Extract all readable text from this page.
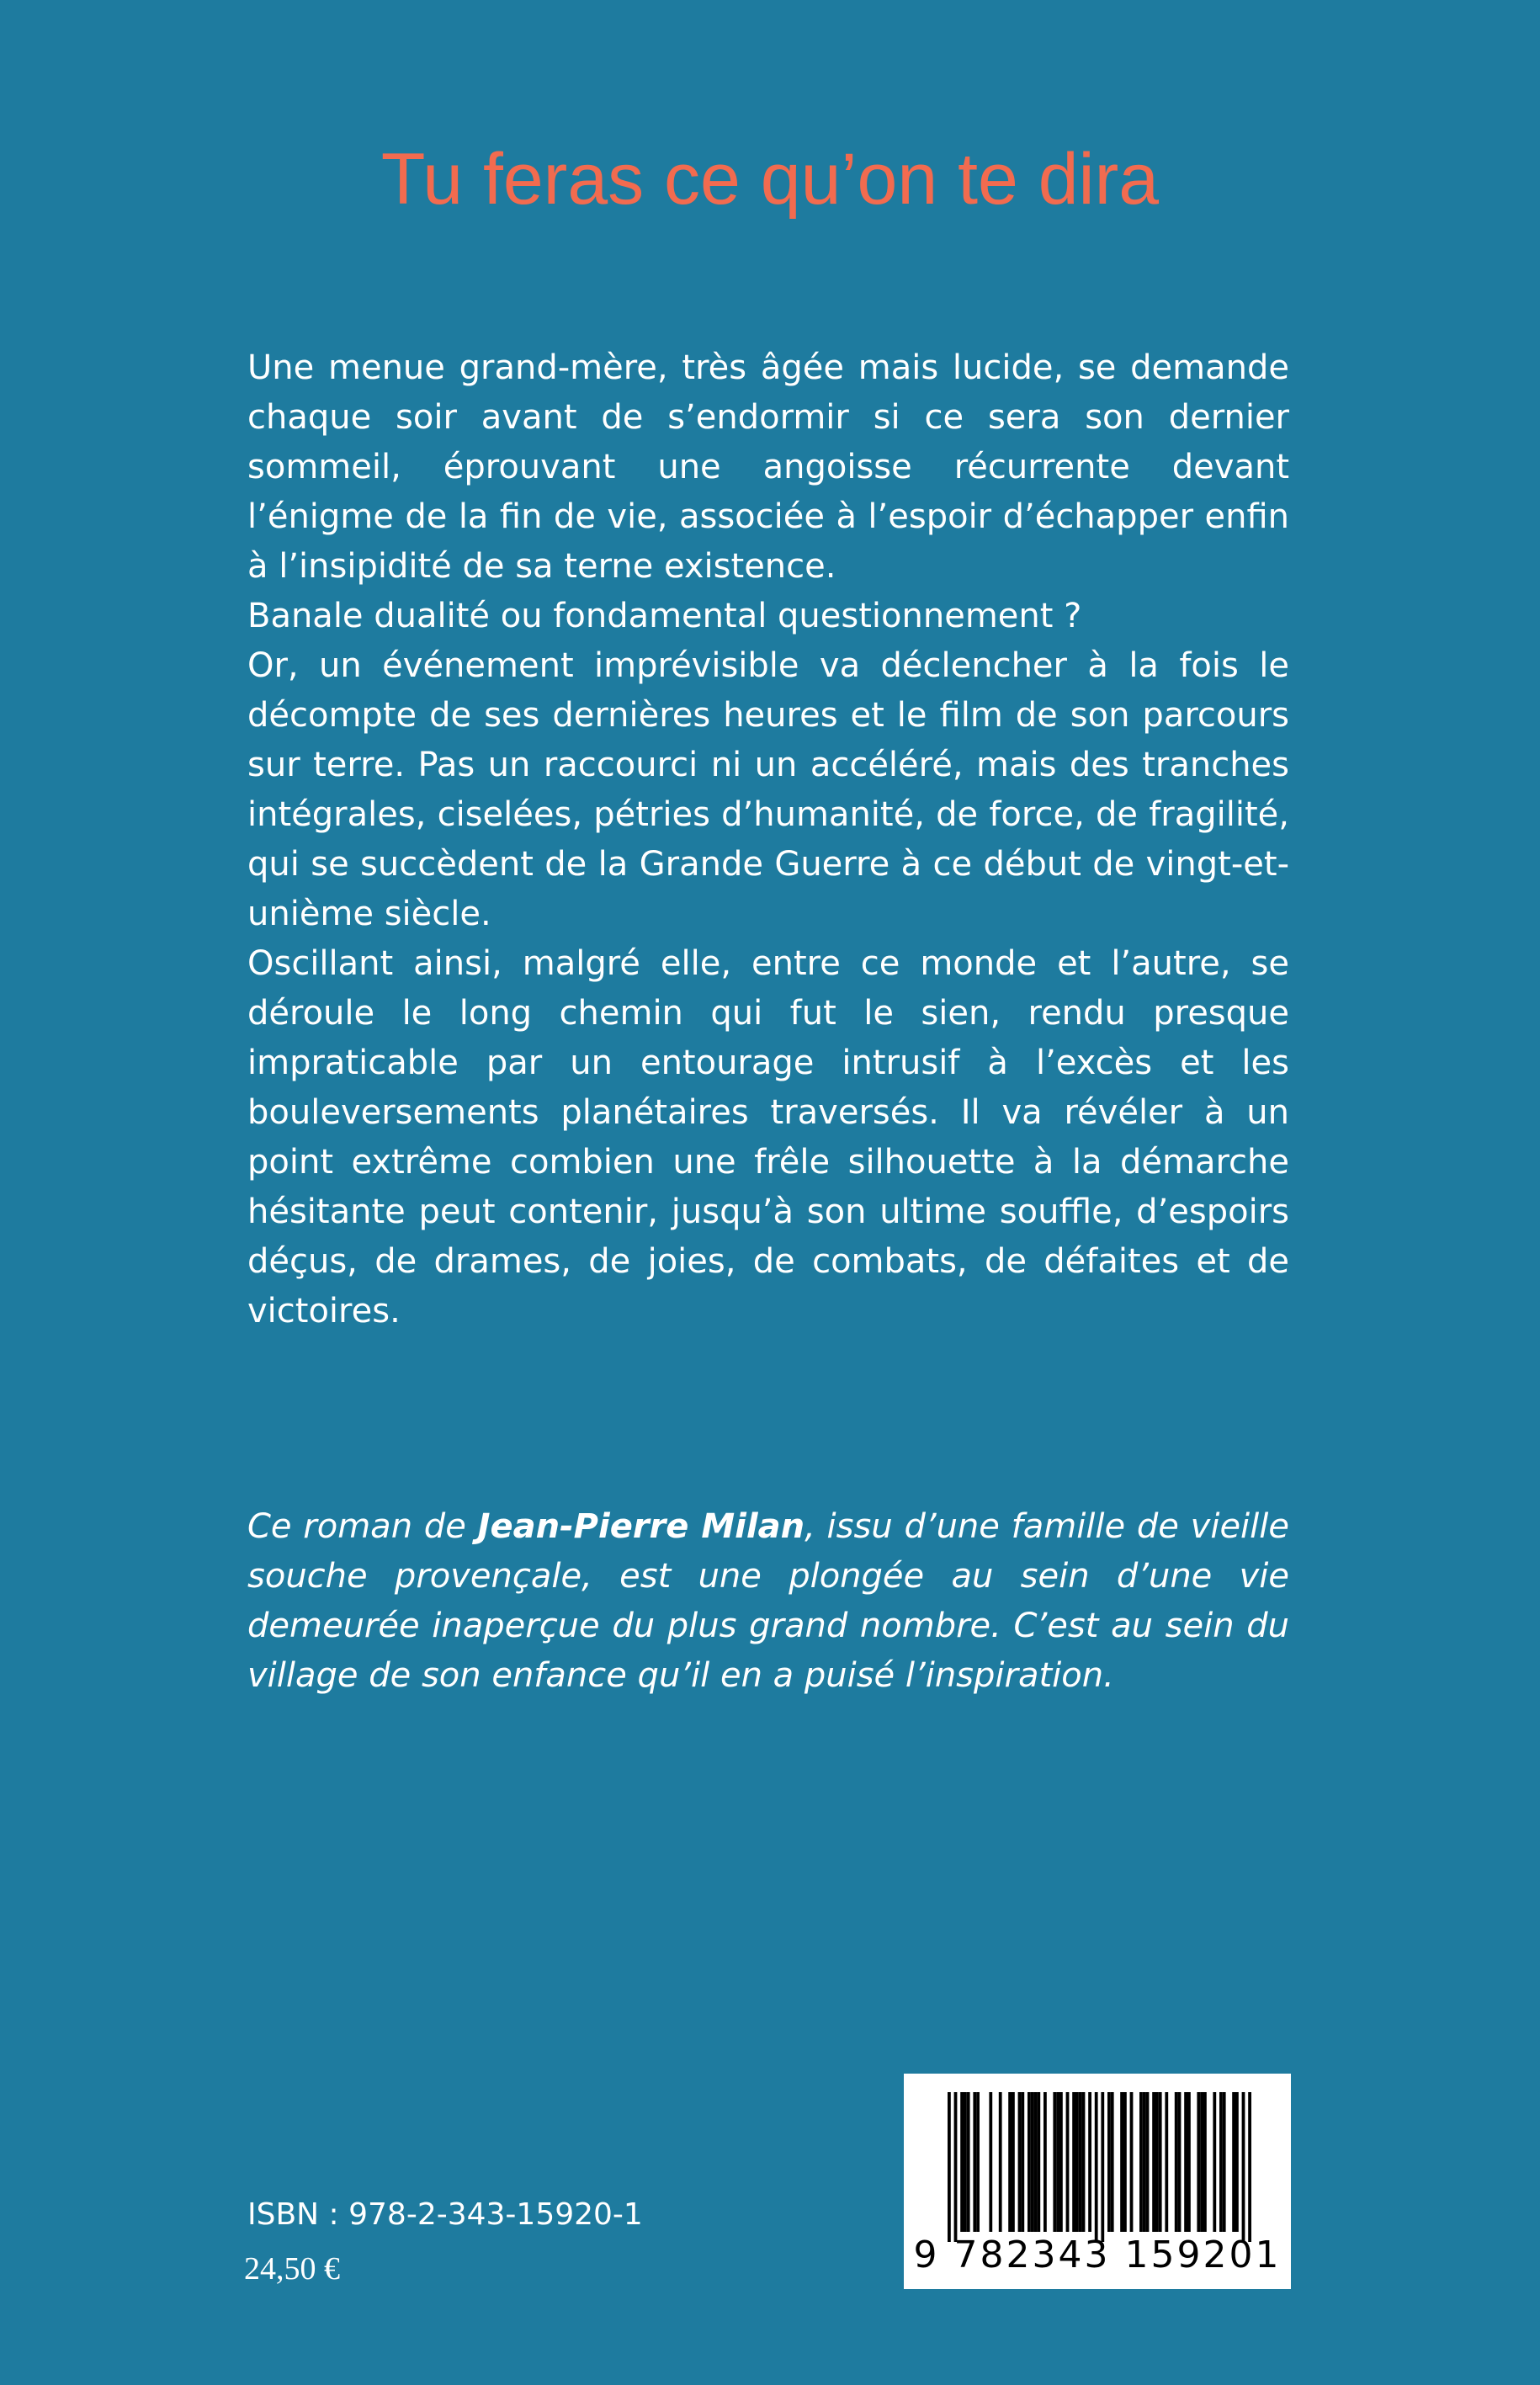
Tu feras ce qu’on te dira

Une menue grand-mère, très âgée mais lucide, se demande chaque soir avant de s’endormir si ce sera son dernier sommeil, éprouvant une angoisse récurrente devant l’énigme de la fin de vie, associée à l’espoir d’échapper enfin à l’insipidité de sa terne existence.

Banale dualité ou fondamental questionnement ?

Or, un événement imprévisible va déclencher à la fois le décompte de ses dernières heures et le film de son parcours sur terre. Pas un raccourci ni un accéléré, mais des tranches intégrales, ciselées, pétries d’humanité, de force, de fragilité, qui se succèdent de la Grande Guerre à ce début de vingt-et-unième siècle.

Oscillant ainsi, malgré elle, entre ce monde et l’autre, se déroule le long chemin qui fut le sien, rendu presque impraticable par un entourage intrusif à l’excès et les bouleversements planétaires traversés. Il va révéler à un point extrême combien une frêle silhouette à la démarche hésitante peut contenir, jusqu’à son ultime souffle, d’espoirs déçus, de drames, de joies, de combats, de défaites et de victoires.

Ce roman de Jean-Pierre Milan, issu d’une famille de vieille souche provençale, est une plongée au sein d’une vie demeurée inaperçue du plus grand nombre. C’est au sein du village de son enfance qu’il en a puisé l’inspiration.
ISBN : 978-2-343-15920-1
24,50 €	9 782343 159201
